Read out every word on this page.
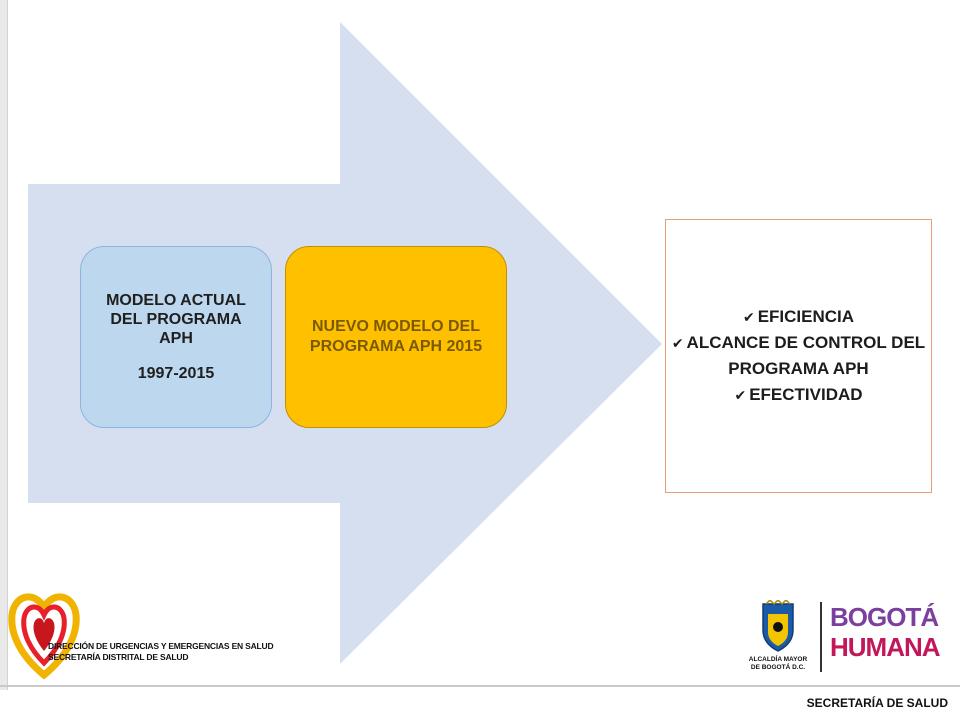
MODELO ACTUAL DEL PROGRAMA APH
1997-2015
NUEVO MODELO DEL PROGRAMA APH 2015
✔ EFICIENCIA
✔ ALCANCE DE CONTROL DEL PROGRAMA APH
✔ EFECTIVIDAD
DIRECCIÓN DE URGENCIAS Y EMERGENCIAS EN SALUD
SECRETARÍA DISTRITAL DE SALUD	ALCALDÍA MAYOR
DE BOGOTÁ D.C.
BOGOTÁ
HUMANA
SECRETARÍA DE SALUD
